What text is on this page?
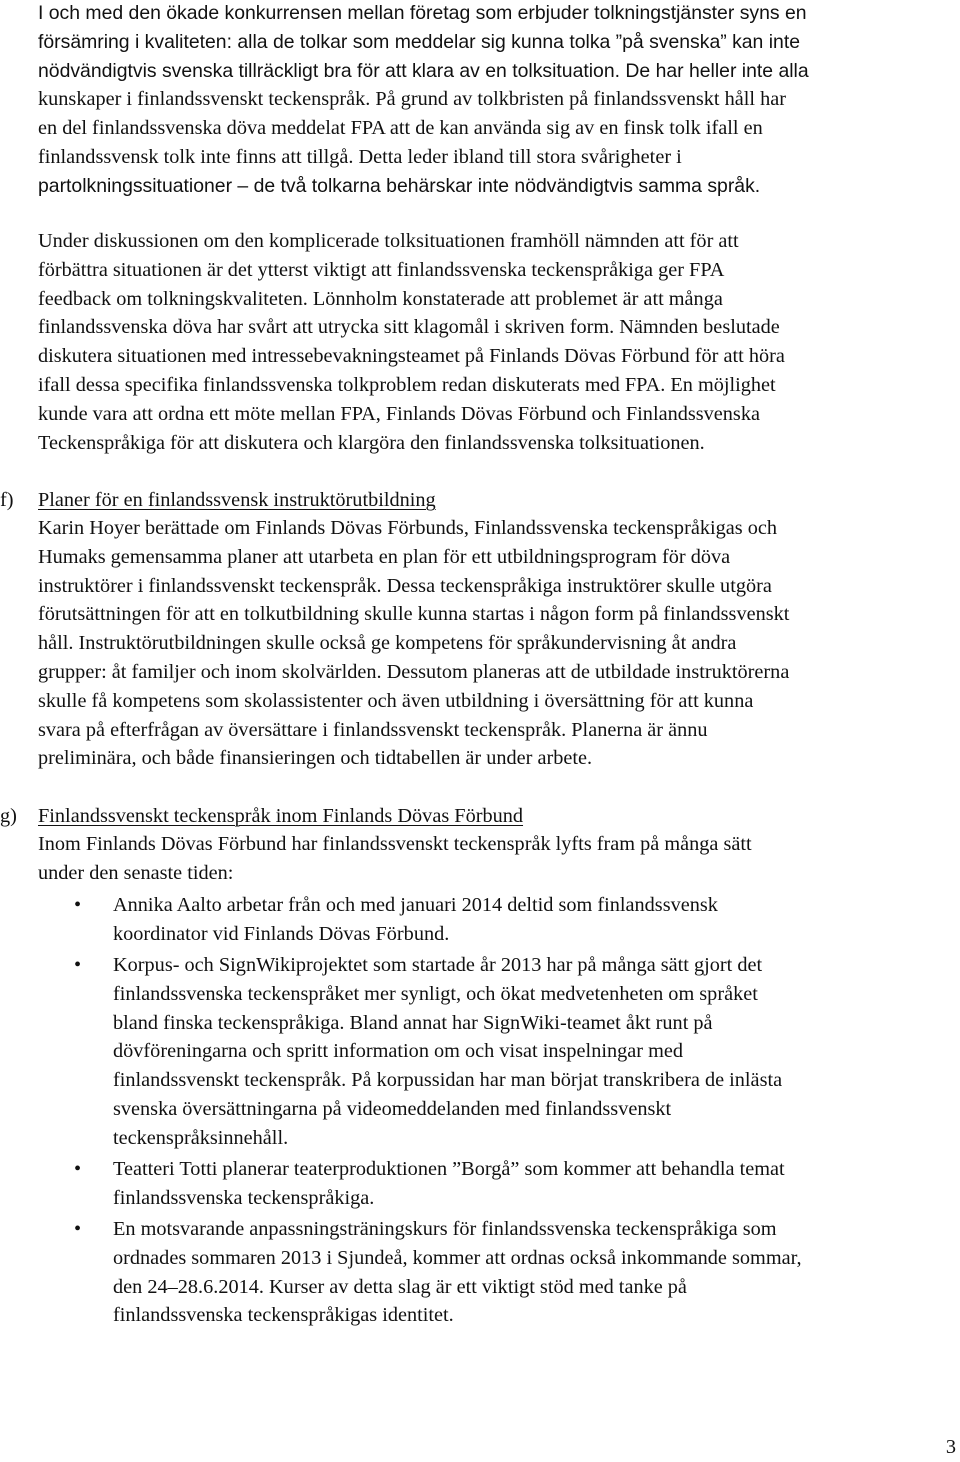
I och med den ökade konkurrensen mellan företag som erbjuder tolkningstjänster syns en
försämring i kvaliteten: alla de tolkar som meddelar sig kunna tolka ”på svenska” kan inte
nödvändigtvis svenska tillräckligt bra för att klara av en tolksituation. De har heller inte alla
kunskaper i finlandssvenskt teckenspråk. På grund av tolkbristen på finlandssvenskt håll har
en del finlandssvenska döva meddelat FPA att de kan använda sig av en finsk tolk ifall en
finlandssvensk tolk inte finns att tillgå. Detta leder ibland till stora svårigheter i
partolkningssituationer – de två tolkarna behärskar inte nödvändigtvis samma språk.
Under diskussionen om den komplicerade tolksituationen framhöll nämnden att för att
förbättra situationen är det ytterst viktigt att finlandssvenska teckenspråkiga ger FPA
feedback om tolkningskvaliteten. Lönnholm konstaterade att problemet är att många
finlandssvenska döva har svårt att utrycka sitt klagomål i skriven form. Nämnden beslutade
diskutera situationen med intressebevakningsteamet på Finlands Dövas Förbund för att höra
ifall dessa specifika finlandssvenska tolkproblem redan diskuterats med FPA. En möjlighet
kunde vara att ordna ett möte mellan FPA, Finlands Dövas Förbund och Finlandssvenska
Teckenspråkiga för att diskutera och klargöra den finlandssvenska tolksituationen.
f) Planer för en finlandssvensk instruktörutbildning
Karin Hoyer berättade om Finlands Dövas Förbunds, Finlandssvenska teckenspråkigas och
Humaks gemensamma planer att utarbeta en plan för ett utbildningsprogram för döva
instruktörer i finlandssvenskt teckenspråk. Dessa teckenspråkiga instruktörer skulle utgöra
förutsättningen för att en tolkutbildning skulle kunna startas i någon form på finlandssvenskt
håll. Instruktörutbildningen skulle också ge kompetens för språkundervisning åt andra
grupper: åt familjer och inom skolvärlden. Dessutom planeras att de utbildade instruktörerna
skulle få kompetens som skolassistenter och även utbildning i översättning för att kunna
svara på efterfrågan av översättare i finlandssvenskt teckenspråk. Planerna är ännu
preliminära, och både finansieringen och tidtabellen är under arbete.
g) Finlandssvenskt teckenspråk inom Finlands Dövas Förbund
Inom Finlands Dövas Förbund har finlandssvenskt teckenspråk lyfts fram på många sätt
under den senaste tiden:
• Annika Aalto arbetar från och med januari 2014 deltid som finlandssvensk
koordinator vid Finlands Dövas Förbund.
• Korpus- och SignWikiprojektet som startade år 2013 har på många sätt gjort det
finlandssvenska teckenspråket mer synligt, och ökat medvetenheten om språket
bland finska teckenspråkiga. Bland annat har SignWiki-teamet åkt runt på
dövföreningarna och spritt information om och visat inspelningar med
finlandssvenskt teckenspråk. På korpussidan har man börjat transkribera de inlästa
svenska översättningarna på videomeddelanden med finlandssvenskt
teckenspråksinnehåll.
• Teatteri Totti planerar teaterproduktionen ”Borgå” som kommer att behandla temat
finlandssvenska teckenspråkiga.
• En motsvarande anpassningsträningskurs för finlandssvenska teckenspråkiga som
ordnades sommaren 2013 i Sjundeå, kommer att ordnas också inkommande sommar,
den 24–28.6.2014. Kurser av detta slag är ett viktigt stöd med tanke på
finlandssvenska teckenspråkigas identitet.
3
